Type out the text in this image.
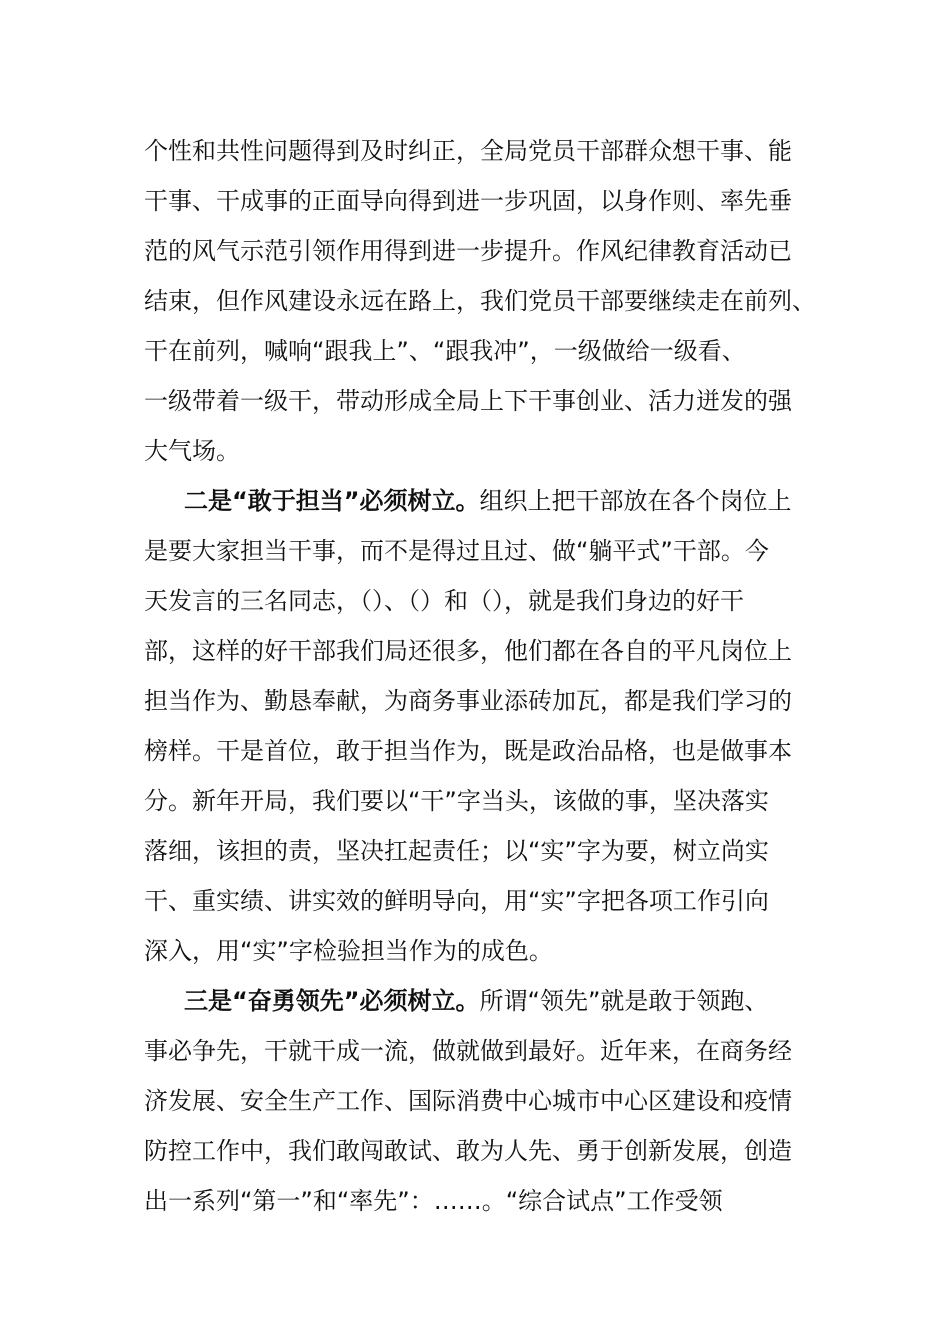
个性和共性问题得到及时纠正，全局党员干部群众想干事、能
干事、干成事的正面导向得到进一步巩固，以身作则、率先垂
范的风气示范引领作用得到进一步提升。作风纪律教育活动已
结束，但作风建设永远在路上，我们党员干部要继续走在前列、
干在前列，喊响“跟我上”、“跟我冲”，一级做给一级看、
一级带着一级干，带动形成全局上下干事创业、活力迸发的强
大气场。
二是“敢于担当”必须树立。组织上把干部放在各个岗位上
是要大家担当干事，而不是得过且过、做“躺平式”干部。今
天发言的三名同志，（）、（）和（），就是我们身边的好干
部，这样的好干部我们局还很多，他们都在各自的平凡岗位上
担当作为、勤恳奉献，为商务事业添砖加瓦，都是我们学习的
榜样。干是首位，敢于担当作为，既是政治品格，也是做事本
分。新年开局，我们要以“干”字当头，该做的事，坚决落实
落细，该担的责，坚决扛起责任；以“实”字为要，树立尚实
干、重实绩、讲实效的鲜明导向，用“实”字把各项工作引向
深入，用“实”字检验担当作为的成色。
三是“奋勇领先”必须树立。所谓“领先”就是敢于领跑、
事必争先，干就干成一流，做就做到最好。近年来，在商务经
济发展、安全生产工作、国际消费中心城市中心区建设和疫情
防控工作中，我们敢闯敢试、敢为人先、勇于创新发展，创造
出一系列“第一”和“率先”：……。“综合试点”工作受领
